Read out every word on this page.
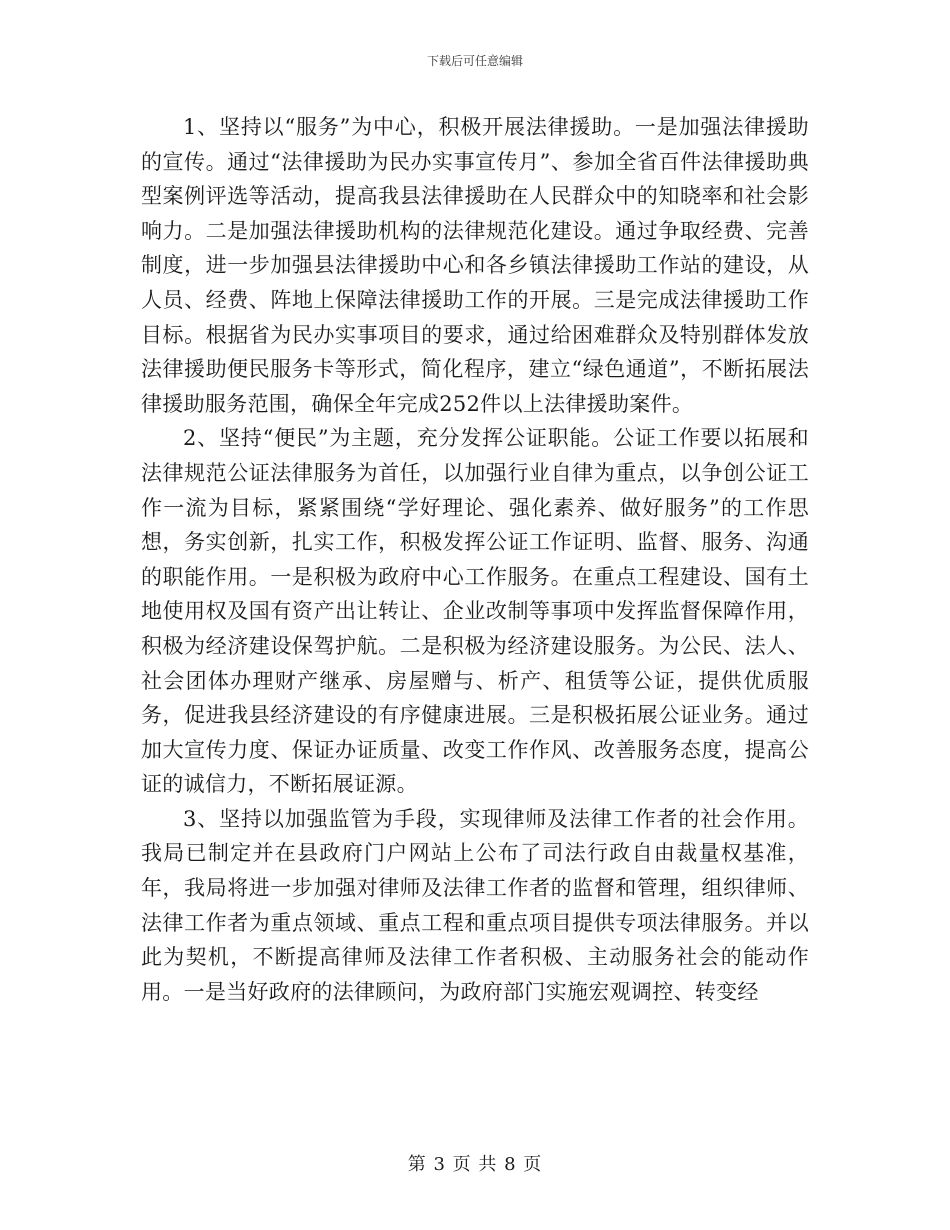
下载后可任意编辑

1、坚持以“服务”为中心，积极开展法律援助。一是加强法律援助的宣传。通过“法律援助为民办实事宣传月”、参加全省百件法律援助典型案例评选等活动，提高我县法律援助在人民群众中的知晓率和社会影响力。二是加强法律援助机构的法律规范化建设。通过争取经费、完善制度，进一步加强县法律援助中心和各乡镇法律援助工作站的建设，从人员、经费、阵地上保障法律援助工作的开展。三是完成法律援助工作目标。根据省为民办实事项目的要求，通过给困难群众及特别群体发放法律援助便民服务卡等形式，简化程序，建立“绿色通道”，不断拓展法律援助服务范围，确保全年完成252件以上法律援助案件。

2、坚持“便民”为主题，充分发挥公证职能。公证工作要以拓展和法律规范公证法律服务为首任，以加强行业自律为重点，以争创公证工作一流为目标，紧紧围绕“学好理论、强化素养、做好服务”的工作思想，务实创新，扎实工作，积极发挥公证工作证明、监督、服务、沟通的职能作用。一是积极为政府中心工作服务。在重点工程建设、国有土地使用权及国有资产出让转让、企业改制等事项中发挥监督保障作用，积极为经济建设保驾护航。二是积极为经济建设服务。为公民、法人、社会团体办理财产继承、房屋赠与、析产、租赁等公证，提供优质服务，促进我县经济建设的有序健康进展。三是积极拓展公证业务。通过加大宣传力度、保证办证质量、改变工作作风、改善服务态度，提高公证的诚信力，不断拓展证源。

3、坚持以加强监管为手段，实现律师及法律工作者的社会作用。我局已制定并在县政府门户网站上公布了司法行政自由裁量权基准，年，我局将进一步加强对律师及法律工作者的监督和管理，组织律师、法律工作者为重点领域、重点工程和重点项目提供专项法律服务。并以此为契机，不断提高律师及法律工作者积极、主动服务社会的能动作用。一是当好政府的法律顾问，为政府部门实施宏观调控、转变经

第 3 页 共 8 页
